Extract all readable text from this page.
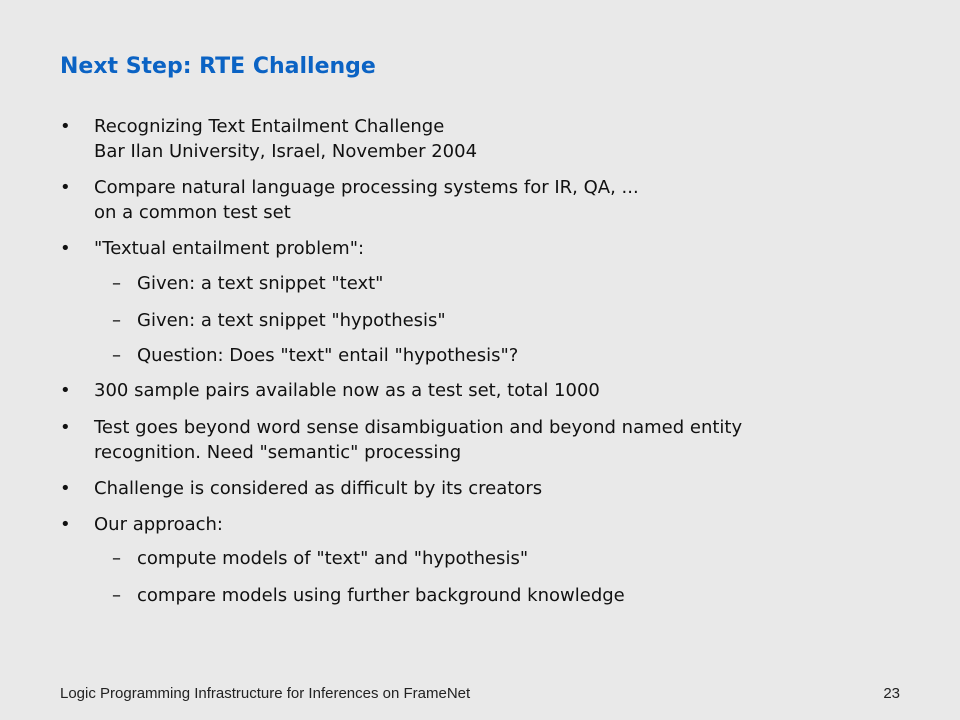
Next Step: RTE Challenge
• Recognizing Text Entailment Challenge
Bar Ilan University, Israel, November 2004
• Compare natural language processing systems for IR, QA, ...
on a common test set
• "Textual entailment problem":
– Given: a text snippet "text"
– Given: a text snippet "hypothesis"
– Question: Does "text" entail "hypothesis"?
• 300 sample pairs available now as a test set, total 1000
• Test goes beyond word sense disambiguation and beyond named entity
recognition. Need "semantic" processing
• Challenge is considered as difficult by its creators
• Our approach:
– compute models of "text" and "hypothesis"
– compare models using further background knowledge
Logic Programming Infrastructure for Inferences on FrameNet	23
